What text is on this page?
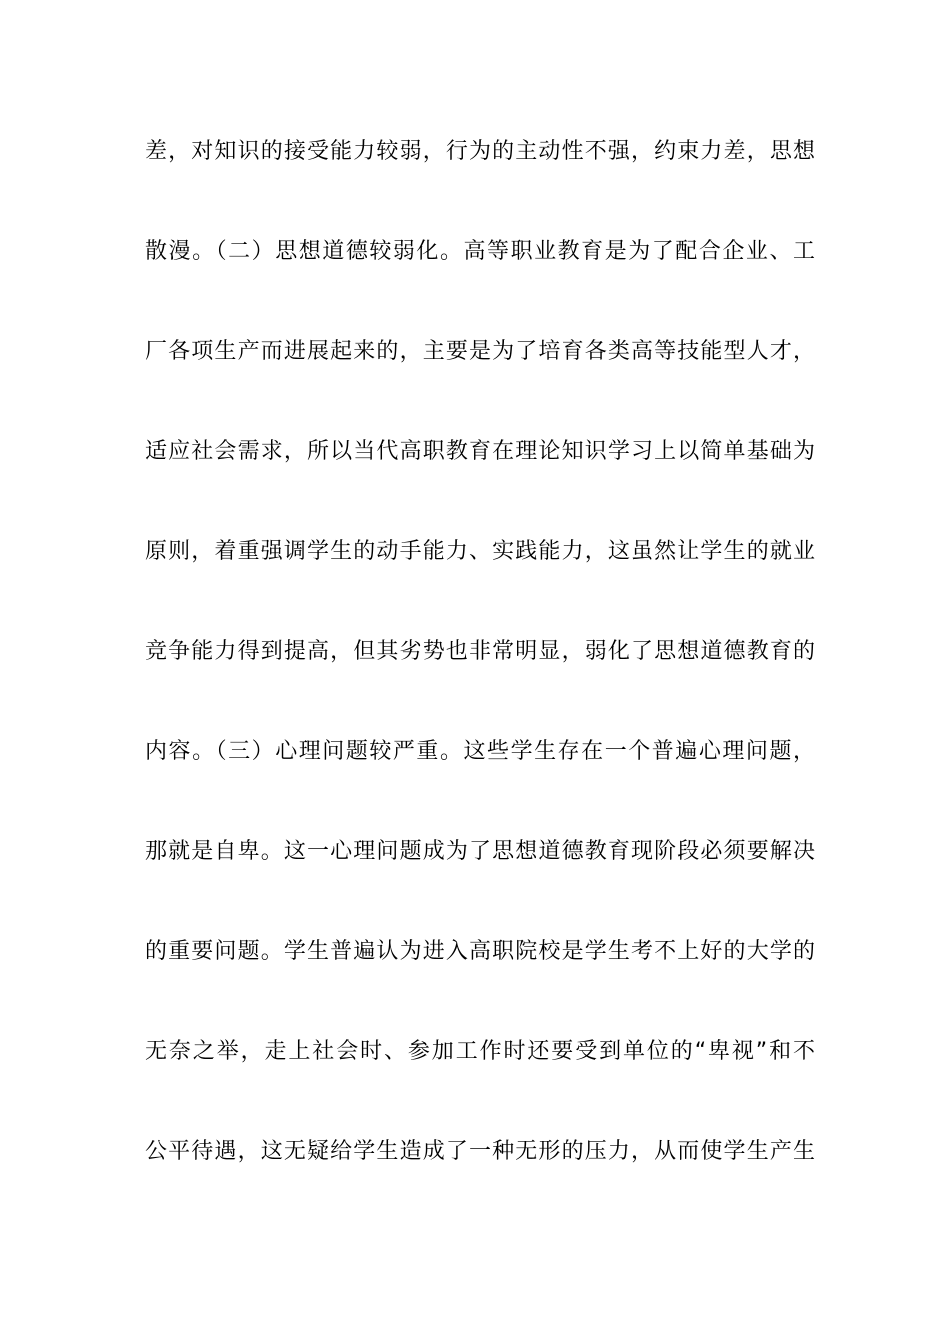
差，对知识的接受能力较弱，行为的主动性不强，约束力差，思想
散漫。（二）思想道德较弱化。高等职业教育是为了配合企业、工
厂各项生产而进展起来的，主要是为了培育各类高等技能型人才，
适应社会需求，所以当代高职教育在理论知识学习上以简单基础为
原则，着重强调学生的动手能力、实践能力，这虽然让学生的就业
竞争能力得到提高，但其劣势也非常明显，弱化了思想道德教育的
内容。（三）心理问题较严重。这些学生存在一个普遍心理问题，
那就是自卑。这一心理问题成为了思想道德教育现阶段必须要解决
的重要问题。学生普遍认为进入高职院校是学生考不上好的大学的
无奈之举，走上社会时、参加工作时还要受到单位的“卑视”和不
公平待遇，这无疑给学生造成了一种无形的压力，从而使学生产生
